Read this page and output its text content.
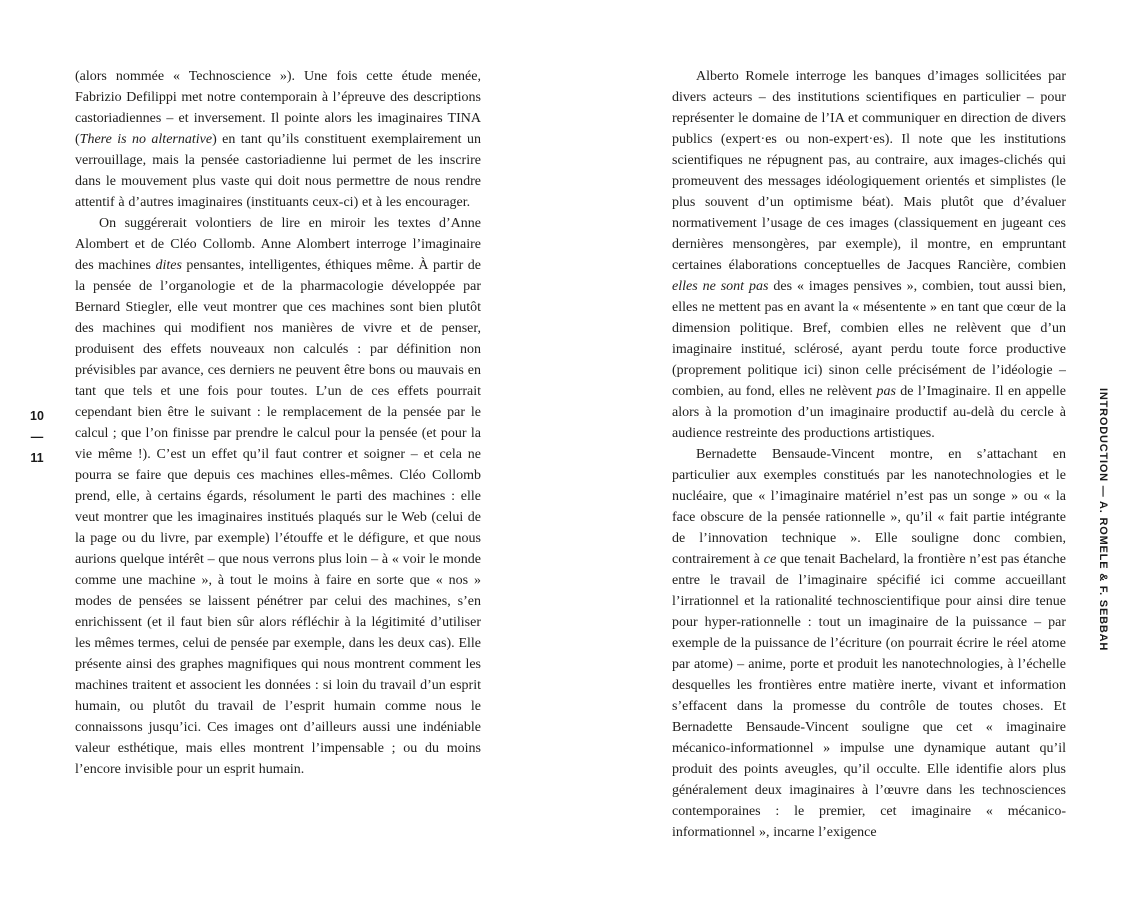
10
—
11

(alors nommée « Technoscience »). Une fois cette étude menée, Fabrizio Defilippi met notre contemporain à l’épreuve des descriptions castoriadiennes – et inversement. Il pointe alors les imaginaires TINA (There is no alternative) en tant qu’ils constituent exemplairement un verrouillage, mais la pensée castoriadienne lui permet de les inscrire dans le mouvement plus vaste qui doit nous permettre de nous rendre attentif à d’autres imaginaires (instituants ceux-ci) et à les encourager.

On suggérerait volontiers de lire en miroir les textes d’Anne Alombert et de Cléo Collomb. Anne Alombert interroge l’imaginaire des machines dites pensantes, intelligentes, éthiques même. À partir de la pensée de l’organologie et de la pharmacologie développée par Bernard Stiegler, elle veut montrer que ces machines sont bien plutôt des machines qui modifient nos manières de vivre et de penser, produisent des effets nouveaux non calculés : par définition non prévisibles par avance, ces derniers ne peuvent être bons ou mauvais en tant que tels et une fois pour toutes. L’un de ces effets pourrait cependant bien être le suivant : le remplacement de la pensée par le calcul ; que l’on finisse par prendre le calcul pour la pensée (et pour la vie même !). C’est un effet qu’il faut contrer et soigner – et cela ne pourra se faire que depuis ces machines elles-mêmes. Cléo Collomb prend, elle, à certains égards, résolument le parti des machines : elle veut montrer que les imaginaires institués plaqués sur le Web (celui de la page ou du livre, par exemple) l’étouffe et le défigure, et que nous aurions quelque intérêt – que nous verrons plus loin – à « voir le monde comme une machine », à tout le moins à faire en sorte que « nos » modes de pensées se laissent pénétrer par celui des machines, s’en enrichissent (et il faut bien sûr alors réfléchir à la légitimité d’utiliser les mêmes termes, celui de pensée par exemple, dans les deux cas). Elle présente ainsi des graphes magnifiques qui nous montrent comment les machines traitent et associent les données : si loin du travail d’un esprit humain, ou plutôt du travail de l’esprit humain comme nous le connaissons jusqu’ici. Ces images ont d’ailleurs aussi une indéniable valeur esthétique, mais elles montrent l’impensable ; ou du moins l’encore invisible pour un esprit humain.

Alberto Romele interroge les banques d’images sollicitées par divers acteurs – des institutions scientifiques en particulier – pour représenter le domaine de l’IA et communiquer en direction de divers publics (expert·es ou non-expert·es). Il note que les institutions scientifiques ne répugnent pas, au contraire, aux images-clichés qui promeuvent des messages idéologiquement orientés et simplistes (le plus souvent d’un optimisme béat). Mais plutôt que d’évaluer normativement l’usage de ces images (classiquement en jugeant ces dernières mensongères, par exemple), il montre, en empruntant certaines élaborations conceptuelles de Jacques Rancière, combien elles ne sont pas des « images pensives », combien, tout aussi bien, elles ne mettent pas en avant la « mésentente » en tant que cœur de la dimension politique. Bref, combien elles ne relèvent que d’un imaginaire institué, sclérosé, ayant perdu toute force productive (proprement politique ici) sinon celle précisément de l’idéologie – combien, au fond, elles ne relèvent pas de l’Imaginaire. Il en appelle alors à la promotion d’un imaginaire productif au-delà du cercle à audience restreinte des productions artistiques.

Bernadette Bensaude-Vincent montre, en s’attachant en particulier aux exemples constitués par les nanotechnologies et le nucléaire, que « l’imaginaire matériel n’est pas un songe » ou « la face obscure de la pensée rationnelle », qu’il « fait partie intégrante de l’innovation technique ». Elle souligne donc combien, contrairement à ce que tenait Bachelard, la frontière n’est pas étanche entre le travail de l’imaginaire spécifié ici comme accueillant l’irrationnel et la rationalité technoscientifique pour ainsi dire tenue pour hyper-rationnelle : tout un imaginaire de la puissance – par exemple de la puissance de l’écriture (on pourrait écrire le réel atome par atome) – anime, porte et produit les nanotechnologies, à l’échelle desquelles les frontières entre matière inerte, vivant et information s’effacent dans la promesse du contrôle de toutes choses. Et Bernadette Bensaude-Vincent souligne que cet « imaginaire mécanico-informationnel » impulse une dynamique autant qu’il produit des points aveugles, qu’il occulte. Elle identifie alors plus généralement deux imaginaires à l’œuvre dans les technosciences contemporaines : le premier, cet imaginaire « mécanico-informationnel », incarne l’exigence

INTRODUCTION — A. ROMELE & F. SEBBAH
